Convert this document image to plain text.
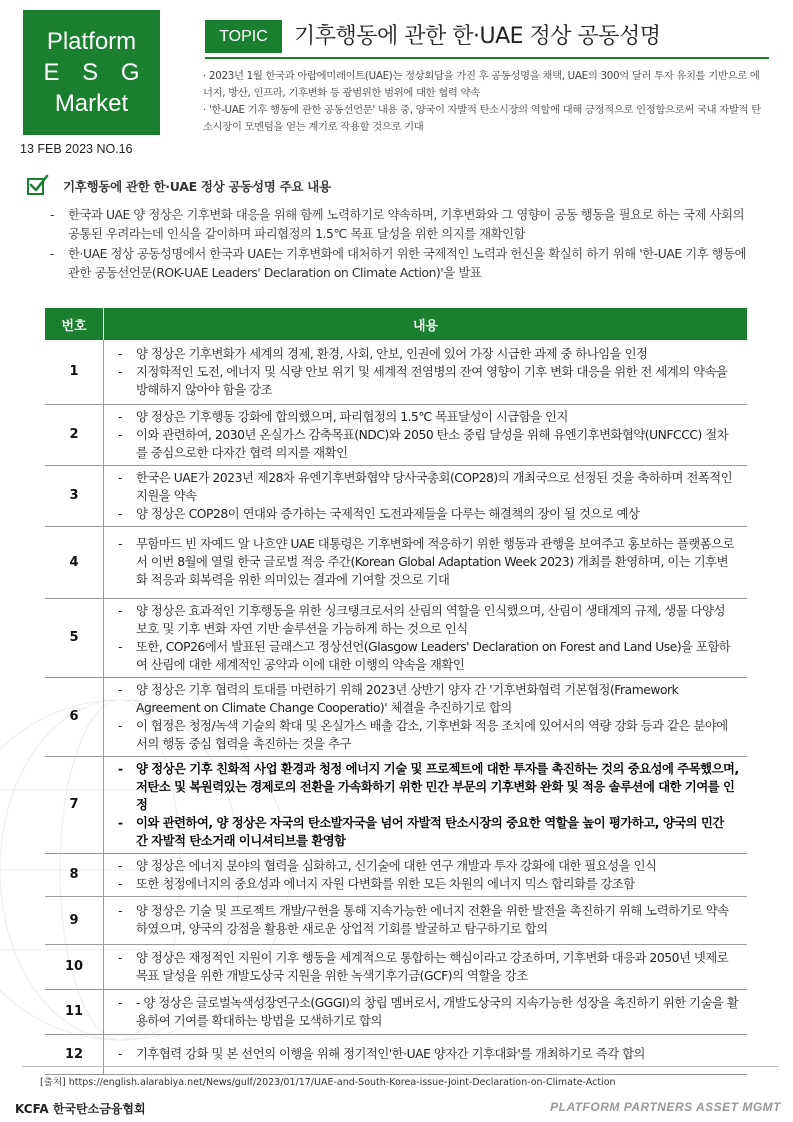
Platform
E S G
Market
13 FEB 2023 NO.16
TOPIC	기후행동에 관한 한·UAE 정상 공동성명

· 2023년 1월 한국과 아랍에미레이트(UAE)는 정상회담을 가진 후 공동성명을 채택, UAE의 300억 달러 투자 유치를 기반으로 에너지, 방산, 인프라, 기후변화 등 광범위한 범위에 대한 협력 약속

· '한-UAE 기후 행동에 관한 공동선언문' 내용 중, 양국이 자발적 탄소시장의 역할에 대해 긍정적으로 인정함으로써 국내 자발적 탄소시장이 모멘텀을 얻는 계기로 작용할 것으로 기대

기후행동에 관한 한·UAE 정상 공동성명 주요 내용
- 한국과 UAE 양 정상은 기후변화 대응을 위해 함께 노력하기로 약속하며, 기후변화와 그 영향이 공동 행동을 필요로 하는 국제 사회의 공통된 우려라는데 인식을 같이하며 파리협정의 1.5℃ 목표 달성을 위한 의지를 재확인함
- 한·UAE 정상 공동성명에서 한국과 UAE는 기후변화에 대처하기 위한 국제적인 노력과 헌신을 확실히 하기 위해 '한-UAE 기후 행동에 관한 공동선언문(ROK-UAE Leaders' Declaration on Climate Action)'을 발표
번호	내용
1	- 양 정상은 기후변화가 세계의 경제, 환경, 사회, 안보, 인권에 있어 가장 시급한 과제 중 하나임을 인정
- 지정학적인 도전, 에너지 및 식량 안보 위기 및 세계적 전염병의 잔여 영향이 기후 변화 대응을 위한 전 세계의 약속을 방해하지 않아야 함을 강조

2	- 양 정상은 기후행동 강화에 합의했으며, 파리협정의 1.5℃ 목표달성이 시급함을 인지
- 이와 관련하여, 2030년 온실가스 감축목표(NDC)와 2050 탄소 중립 달성을 위해 유엔기후변화협약(UNFCCC) 절차를 중심으로한 다자간 협력 의지를 재확인

3	- 한국은 UAE가 2023년 제28차 유엔기후변화협약 당사국총회(COP28)의 개최국으로 선정된 것을 축하하며 전폭적인 지원을 약속
- 양 정상은 COP28이 연대와 증가하는 국제적인 도전과제들을 다루는 해결책의 장이 될 것으로 예상

4	- 무함마드 빈 자예드 알 나흐얀 UAE 대통령은 기후변화에 적응하기 위한 행동과 관행을 보여주고 홍보하는 플랫폼으로서 이번 8월에 열릴 한국 글로벌 적응 주간(Korean Global Adaptation Week 2023) 개최를 환영하며, 이는 기후변화 적응과 회복력을 위한 의미있는 결과에 기여할 것으로 기대

5	- 양 정상은 효과적인 기후행동을 위한 싱크탱크로서의 산림의 역할을 인식했으며, 산림이 생태계의 규제, 생물 다양성 보호 및 기후 변화 자연 기반 솔루션을 가능하게 하는 것으로 인식
- 또한, COP26에서 발표된 글래스고 정상선언(Glasgow Leaders' Declaration on Forest and Land Use)을 포함하여 산림에 대한 세계적인 공약과 이에 대한 이행의 약속을 재확인

6	- 양 정상은 기후 협력의 토대를 마련하기 위해 2023년 상반기 양자 간 '기후변화협력 기본협정(Framework Agreement on Climate Change Cooperatio)' 체결을 추진하기로 합의
- 이 협정은 청정/녹색 기술의 확대 및 온실가스 배출 감소, 기후변화 적응 조치에 있어서의 역량 강화 등과 같은 분야에서의 행동 중심 협력을 촉진하는 것을 추구

7	- 양 정상은 기후 친화적 사업 환경과 청정 에너지 기술 및 프로젝트에 대한 투자를 촉진하는 것의 중요성에 주목했으며, 저탄소 및 복원력있는 경제로의 전환을 가속화하기 위한 민간 부문의 기후변화 완화 및 적응 솔루션에 대한 기여를 인정
- 이와 관련하여, 양 정상은 자국의 탄소발자국을 넘어 자발적 탄소시장의 중요한 역할을 높이 평가하고, 양국의 민간 간 자발적 탄소거래 이니셔티브를 환영함

8	- 양 정상은 에너지 분야의 협력을 심화하고, 신기술에 대한 연구 개발과 투자 강화에 대한 필요성을 인식
- 또한 청정에너지의 중요성과 에너지 자원 다변화를 위한 모든 차원의 에너지 믹스 합리화를 강조함

9	- 양 정상은 기술 및 프로젝트 개발/구현을 통해 지속가능한 에너지 전환을 위한 발전을 촉진하기 위해 노력하기로 약속하였으며, 양국의 강점을 활용한 새로운 상업적 기회를 발굴하고 탐구하기로 합의

10	- 양 정상은 재정적인 지원이 기후 행동을 세계적으로 통합하는 핵심이라고 강조하며, 기후변화 대응과 2050년 넷제로 목표 달성을 위한 개발도상국 지원을 위한 녹색기후기금(GCF)의 역할을 강조

11	- - 양 정상은 글로벌녹색성장연구소(GGGI)의 창립 멤버로서, 개발도상국의 지속가능한 성장을 촉진하기 위한 기술을 활용하여 기여를 확대하는 방법을 모색하기로 합의

12	- 기후협력 강화 및 본 선언의 이행을 위해 정기적인'한·UAE 양자간 기후대화'를 개최하기로 즉각 합의
[출처] https://english.alarabiya.net/News/gulf/2023/01/17/UAE-and-South-Korea-issue-Joint-Declaration-on-Climate-Action
KCFA 한국탄소금융협회	PLATFORM PARTNERS ASSET MGMT
